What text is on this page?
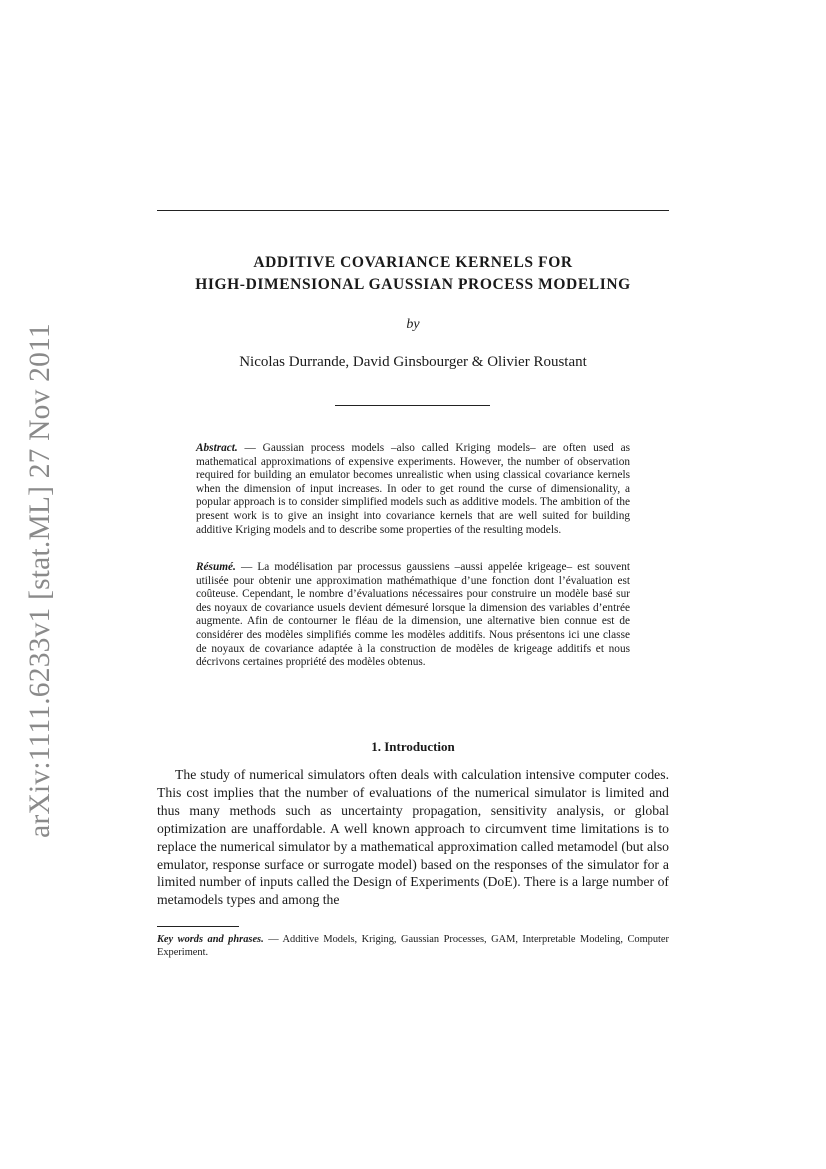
arXiv:1111.6233v1 [stat.ML] 27 Nov 2011
ADDITIVE COVARIANCE KERNELS FOR
HIGH-DIMENSIONAL GAUSSIAN PROCESS MODELING
by
Nicolas Durrande, David Ginsbourger & Olivier Roustant

Abstract. — Gaussian process models –also called Kriging models– are often used as mathematical approximations of expensive experiments. However, the number of observation required for building an emulator becomes unrealistic when using classical covariance kernels when the dimension of input increases. In oder to get round the curse of dimensionality, a popular approach is to consider simplified models such as additive models. The ambition of the present work is to give an insight into covariance kernels that are well suited for building additive Kriging models and to describe some properties of the resulting models.

Résumé. — La modélisation par processus gaussiens –aussi appelée krigeage– est souvent utilisée pour obtenir une approximation mathémathique d’une fonction dont l’évaluation est coûteuse. Cependant, le nombre d’évaluations nécessaires pour construire un modèle basé sur des noyaux de covariance usuels devient démesuré lorsque la dimension des variables d’entrée augmente. Afin de contourner le fléau de la dimension, une alternative bien connue est de considérer des modèles simplifiés comme les modèles additifs. Nous présentons ici une classe de noyaux de covariance adaptée à la construction de modèles de krigeage additifs et nous décrivons certaines propriété des modèles obtenus.

1. Introduction

The study of numerical simulators often deals with calculation intensive computer codes. This cost implies that the number of evaluations of the numerical simulator is limited and thus many methods such as uncertainty propagation, sensitivity analysis, or global optimization are unaffordable. A well known approach to circumvent time limitations is to replace the numerical simulator by a mathematical approximation called metamodel (but also emulator, response surface or surrogate model) based on the responses of the simulator for a limited number of inputs called the Design of Experiments (DoE). There is a large number of metamodels types and among the

Key words and phrases. — Additive Models, Kriging, Gaussian Processes, GAM, Interpretable Modeling, Computer Experiment.
